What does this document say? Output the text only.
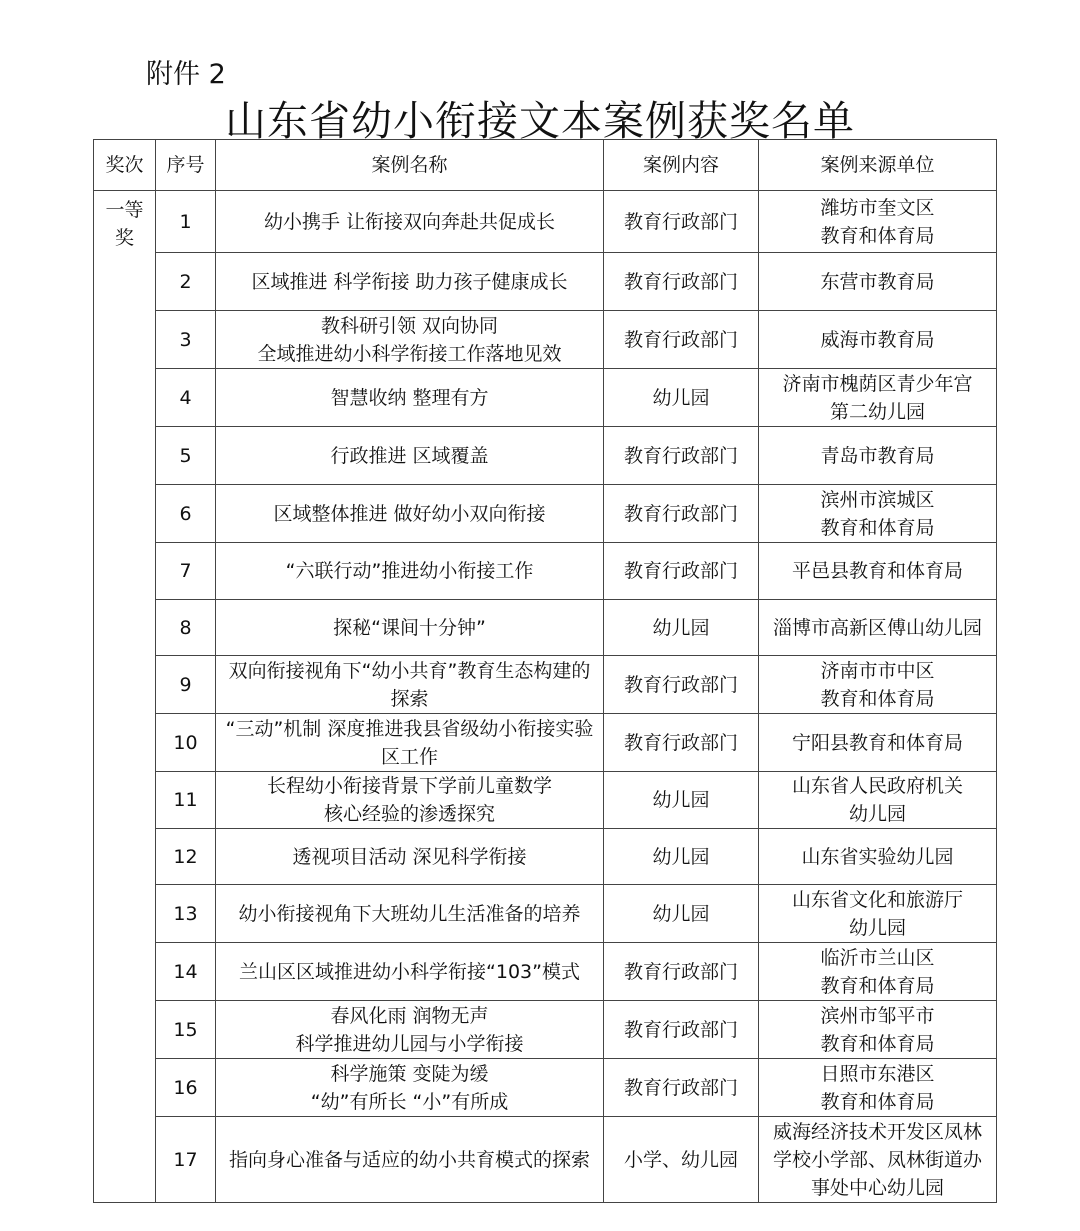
附件 2
山东省幼小衔接文本案例获奖名单
奖次	序号	案例名称	案例内容	案例来源单位
一等奖	1	幼小携手 让衔接双向奔赴共促成长	教育行政部门	潍坊市奎文区
教育和体育局
	2	区域推进 科学衔接 助力孩子健康成长	教育行政部门	东营市教育局
	3	教科研引领 双向协同
全域推进幼小科学衔接工作落地见效	教育行政部门	威海市教育局
	4	智慧收纳 整理有方	幼儿园	济南市槐荫区青少年宫
第二幼儿园
	5	行政推进 区域覆盖	教育行政部门	青岛市教育局
	6	区域整体推进 做好幼小双向衔接	教育行政部门	滨州市滨城区
教育和体育局
	7	“六联行动”推进幼小衔接工作	教育行政部门	平邑县教育和体育局
	8	探秘“课间十分钟”	幼儿园	淄博市高新区傅山幼儿园
	9	双向衔接视角下“幼小共育”教育生态构建的
探索	教育行政部门	济南市市中区
教育和体育局
	10	“三动”机制 深度推进我县省级幼小衔接实验
区工作	教育行政部门	宁阳县教育和体育局
	11	长程幼小衔接背景下学前儿童数学
核心经验的渗透探究	幼儿园	山东省人民政府机关
幼儿园
	12	透视项目活动 深见科学衔接	幼儿园	山东省实验幼儿园
	13	幼小衔接视角下大班幼儿生活准备的培养	幼儿园	山东省文化和旅游厅
幼儿园
	14	兰山区区域推进幼小科学衔接“103”模式	教育行政部门	临沂市兰山区
教育和体育局
	15	春风化雨 润物无声
科学推进幼儿园与小学衔接	教育行政部门	滨州市邹平市
教育和体育局
	16	科学施策 变陡为缓
“幼”有所长 “小”有所成	教育行政部门	日照市东港区
教育和体育局
	17	指向身心准备与适应的幼小共育模式的探索	小学、幼儿园	威海经济技术开发区凤林
学校小学部、凤林街道办
事处中心幼儿园
